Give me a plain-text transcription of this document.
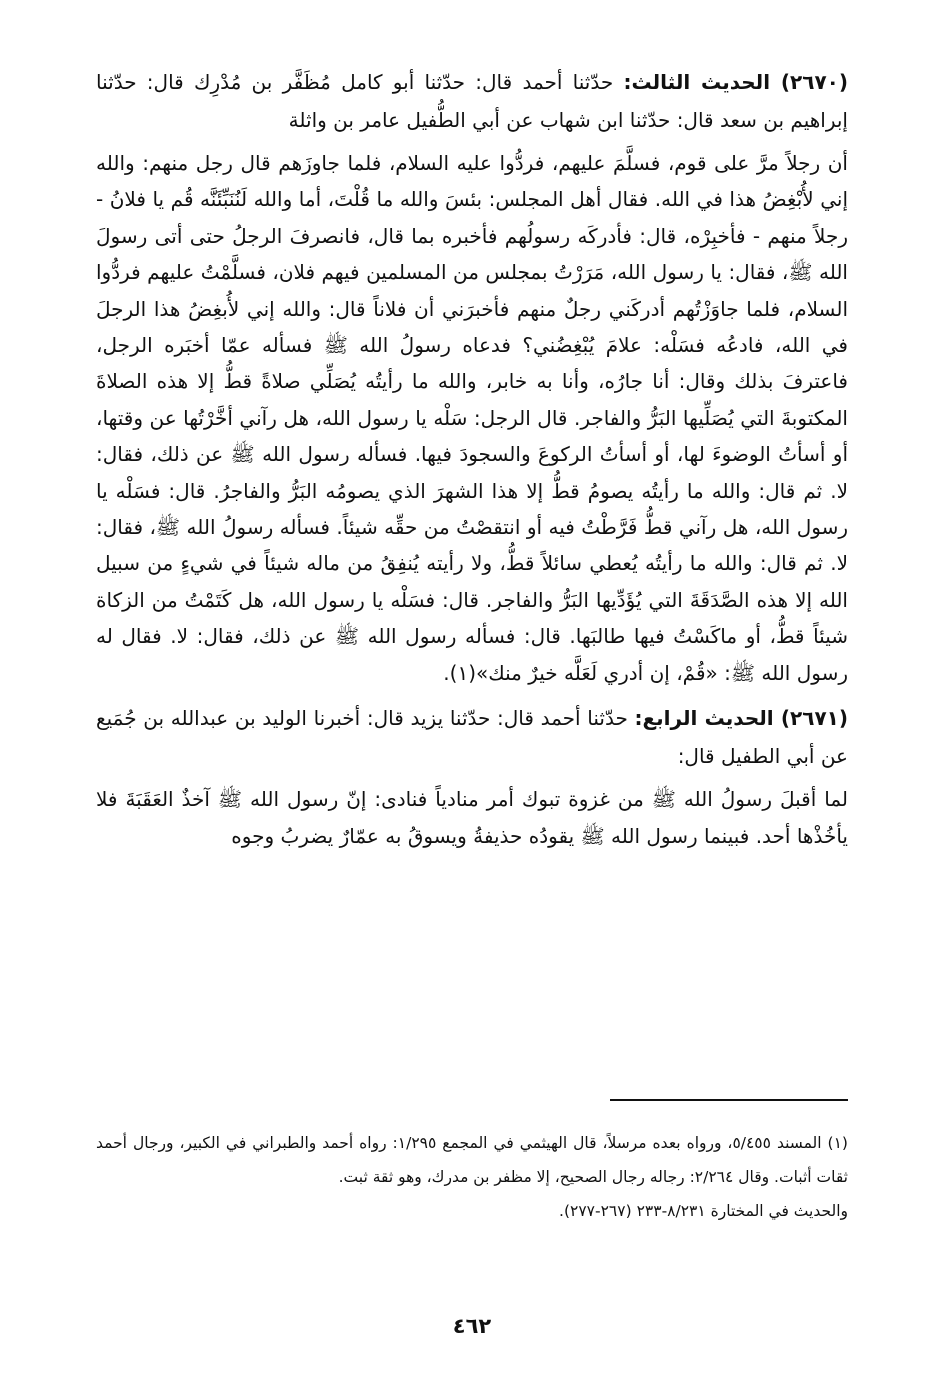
(٢٦٧٠) الحديث الثالث: حدّثنا أحمد قال: حدّثنا أبو كامل مُظَفَّر بن مُدْرِك قال: حدّثنا إبراهيم بن سعد قال: حدّثنا ابن شهاب عن أبي الطُّفيل عامر بن واثلة

أن رجلاً مرَّ على قوم، فسلَّمَ عليهم، فردُّوا عليه السلام، فلما جاوزَهم قال رجل منهم: والله إني لأُبْغِضُ هذا في الله. فقال أهل المجلس: بئسَ والله ما قُلْتَ، أما والله لَنُنَبِّئَنَّه قُم يا فلانُ - رجلاً منهم - فأخبِرْه، قال: فأدركَه رسولُهم فأخبره بما قال، فانصرفَ الرجلُ حتى أتى رسولَ الله ﷺ، فقال: يا رسول الله، مَرَرْتُ بمجلس من المسلمين فيهم فلان، فسلَّمْتُ عليهم فردُّوا السلام، فلما جاوَزْتُهم أدركَني رجلٌ منهم فأخبرَني أن فلاناً قال: والله إني لأُبغِضُ هذا الرجلَ في الله، فادعُه فسَلْه: علامَ يُبْغِضُني؟ فدعاه رسولُ الله ﷺ فسأله عمّا أخبَره الرجل، فاعترفَ بذلك وقال: أنا جارُه، وأنا به خابر، والله ما رأيتُه يُصَلِّي صلاةً قطُّ إلا هذه الصلاةَ المكتوبةَ التي يُصَلِّيها البَرُّ والفاجر. قال الرجل: سَلْه يا رسول الله، هل رآني أخَّرْتُها عن وقتها، أو أسأتُ الوضوءَ لها، أو أسأتُ الركوعَ والسجودَ فيها. فسأله رسول الله ﷺ عن ذلك، فقال: لا. ثم قال: والله ما رأيتُه يصومُ قطُّ إلا هذا الشهرَ الذي يصومُه البَرُّ والفاجرُ. قال: فسَلْه يا رسول الله، هل رآني قطُّ فَرَّطْتُ فيه أو انتقصْتُ من حقِّه شيئاً. فسأله رسولُ الله ﷺ، فقال: لا. ثم قال: والله ما رأيتُه يُعطي سائلاً قطُّ، ولا رأيته يُنفِقُ من ماله شيئاً في شيءٍ من سبيل الله إلا هذه الصَّدَقَةَ التي يُؤَدِّيها البَرُّ والفاجر. قال: فسَلْه يا رسول الله، هل كَتَمْتُ من الزكاة شيئاً قطُّ، أو ماكَسْتُ فيها طالبَها. قال: فسأله رسول الله ﷺ عن ذلك، فقال: لا. فقال له رسول الله ﷺ: «قُمْ، إن أدري لَعَلَّه خيرٌ منك»(١).

(٢٦٧١) الحديث الرابع: حدّثنا أحمد قال: حدّثنا يزيد قال: أخبرنا الوليد بن عبدالله بن جُمَيع عن أبي الطفيل قال:

لما أقبلَ رسولُ الله ﷺ من غزوة تبوك أمر منادياً فنادى: إنّ رسول الله ﷺ آخذٌ العَقَبَةَ فلا يأخُذْها أحد. فبينما رسول الله ﷺ يقودُه حذيفةُ ويسوقُ به عمّارٌ يضربُ وجوه

(١) المسند ٥/٤٥٥، ورواه بعده مرسلاً، قال الهيثمي في المجمع ١/٢٩٥: رواه أحمد والطبراني في الكبير، ورجال أحمد ثقات أثبات. وقال ٢/٢٦٤: رجاله رجال الصحيح، إلا مظفر بن مدرك، وهو ثقة ثبت.

والحديث في المختارة ٨/٢٣١-٢٣٣ (٢٦٧-٢٧٧).

٤٦٢
